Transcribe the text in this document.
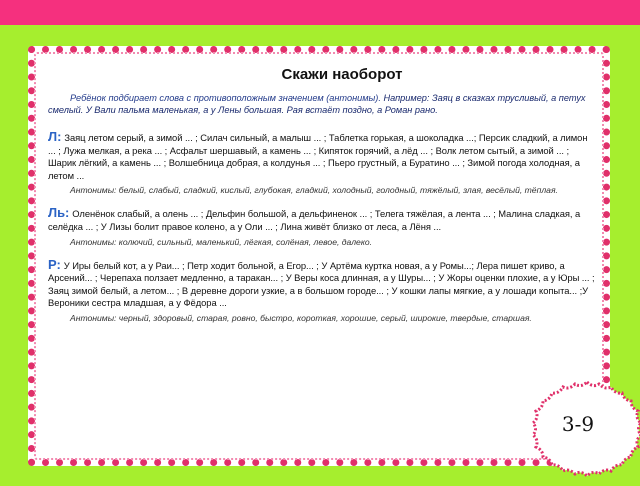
Скажи наоборот
Ребёнок подбирает слова с противоположным значением (антонимы). Например: Заяц в сказках трусливый, а петух смелый. У Вали пальма маленькая, а у Лены большая. Рая встаёт поздно, а Роман рано.

Л: Заяц летом серый, а зимой ... ; Силач сильный, а малыш ... ; Таблетка горькая, а шоколадка ...; Персик сладкий, а лимон ... ; Лужа мелкая, а река ... ; Асфальт шершавый, а камень ... ; Кипяток горячий, а лёд ... ; Волк летом сытый, а зимой ... ; Шарик лёгкий, а камень ... ; Волшебница добрая, а колдунья ... ; Пьеро грустный, а Буратино ... ; Зимой погода холодная, а летом ...

Антонимы: белый, слабый, сладкий, кислый, глубокая, гладкий, холодный, голодный, тяжёлый, злая, весёлый, тёплая.

Ль: Оленёнок слабый, а олень ... ; Дельфин большой, а дельфиненок ... ; Телега тяжёлая, а лента ... ; Малина сладкая, а селёдка ... ; У Лизы болит правое колено, а у Оли ... ; Лина живёт близко от леса, а Лёня ...

Антонимы: колючий, сильный, маленький, лёгкая, солёная, левое, далеко.

Р: У Иры белый кот, а у Раи... ; Петр ходит больной, а Егор... ; У Артёма куртка новая, а у Ромы...; Лера пишет криво, а Арсений... ; Черепаха ползает медленно, а таракан... ; У Веры коса длинная, а у Шуры... ; У Жоры оценки плохие, а у Юры ... ; Заяц зимой белый, а летом... ; В деревне дороги узкие, а в большом городе... ; У кошки лапы мягкие, а у лошади копыта... ;У Вероники сестра младшая, а у Фёдора ...

Антонимы: черный, здоровый, старая, ровно, быстро, короткая, хорошие, серый, широкие, твердые, старшая.

3-9
